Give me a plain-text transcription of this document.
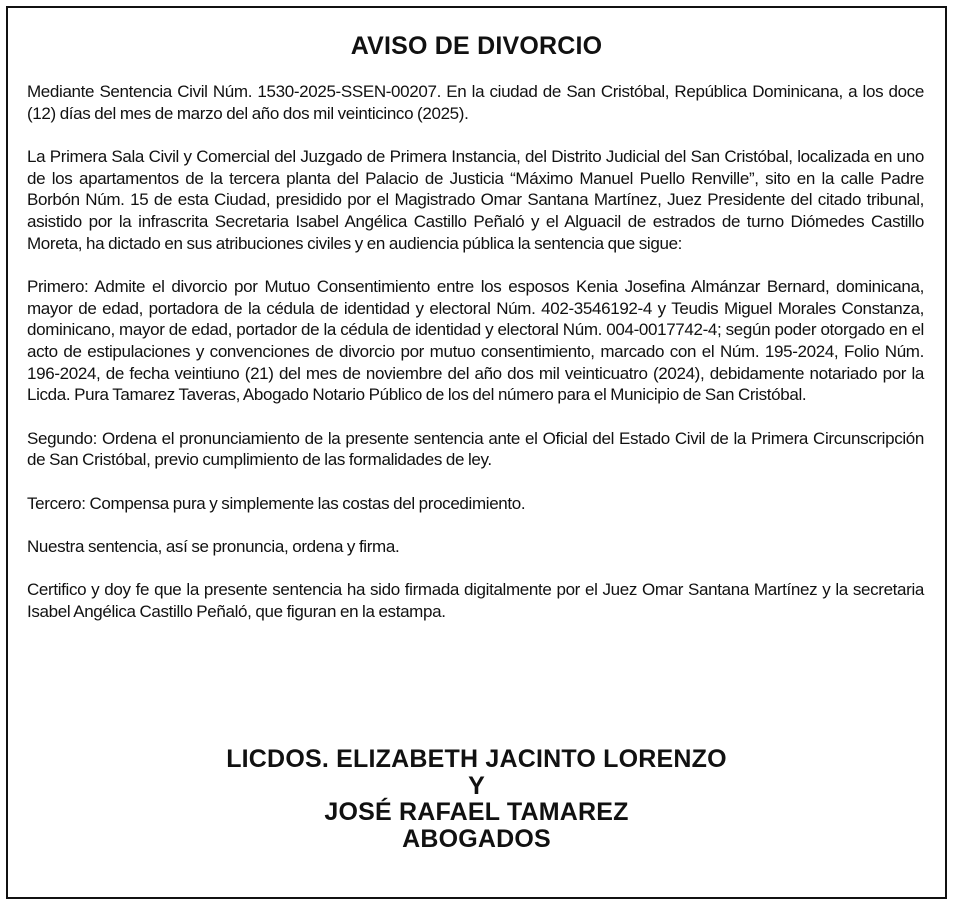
AVISO DE DIVORCIO

Mediante Sentencia Civil Núm. 1530-2025-SSEN-00207. En la ciudad de San Cristóbal, República Dominicana, a los doce (12) días del mes de marzo del año dos mil veinticinco (2025).

La Primera Sala Civil y Comercial del Juzgado de Primera Instancia, del Distrito Judicial del San Cristóbal, localizada en uno de los apartamentos de la tercera planta del Palacio de Justicia “Máximo Manuel Puello Renville”, sito en la calle Padre Borbón Núm. 15 de esta Ciudad, presidido por el Magistrado Omar Santana Martínez, Juez Presidente del citado tribunal, asistido por la infrascrita Secretaria Isabel Angélica Castillo Peñaló y el Alguacil de estrados de turno Diómedes Castillo Moreta, ha dictado en sus atribuciones civiles y en audiencia pública la sentencia que sigue:

Primero: Admite el divorcio por Mutuo Consentimiento entre los esposos Kenia Josefina Almánzar Bernard, dominicana, mayor de edad, portadora de la cédula de identidad y electoral Núm. 402-3546192-4 y Teudis Miguel Morales Constanza, dominicano, mayor de edad, portador de la cédula de identidad y electoral Núm. 004-0017742-4; según poder otorgado en el acto de estipulaciones y convenciones de divorcio por mutuo consentimiento, marcado con el Núm. 195-2024, Folio Núm. 196-2024, de fecha veintiuno (21) del mes de noviembre del año dos mil veinticuatro (2024), debidamente notariado por la Licda. Pura Tamarez Taveras, Abogado Notario Público de los del número para el Municipio de San Cristóbal.

Segundo: Ordena el pronunciamiento de la presente sentencia ante el Oficial del Estado Civil de la Primera Circunscripción de San Cristóbal, previo cumplimiento de las formalidades de ley.

Tercero: Compensa pura y simplemente las costas del procedimiento.

Nuestra sentencia, así se pronuncia, ordena y firma.

Certifico y doy fe que la presente sentencia ha sido firmada digitalmente por el Juez Omar Santana Martínez y la secretaria Isabel Angélica Castillo Peñaló, que figuran en la estampa.

LICDOS. ELIZABETH JACINTO LORENZO
Y
JOSÉ RAFAEL TAMAREZ
ABOGADOS
